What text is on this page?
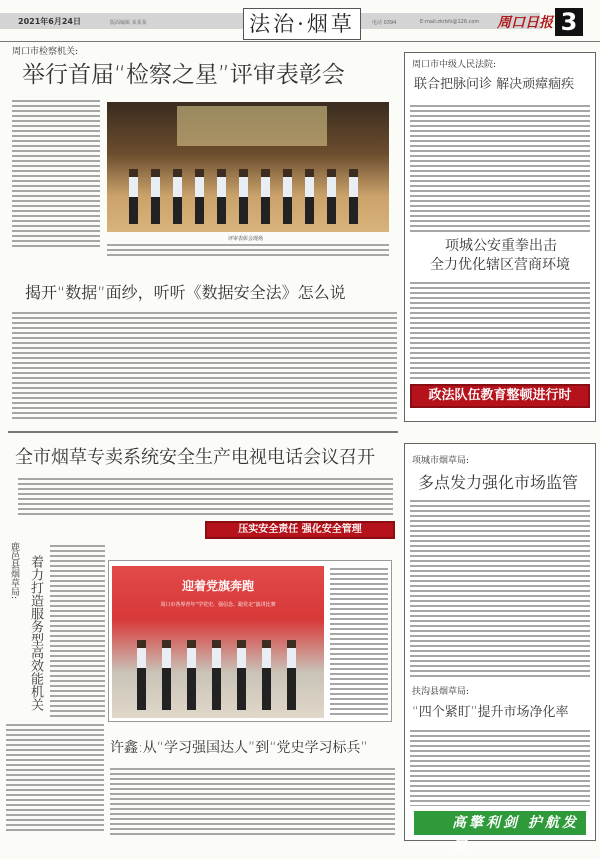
2021年6月24日	版面编辑 某某某	电话 0394	E-mail:zkrbfz@126.com
法治·烟草	周口日报 3
周口市检察机关:
举行首届“检察之星”评审表彰会
评审表彰会现场
揭开“数据”面纱，听听《数据安全法》怎么说
周口市中级人民法院:
联合把脉问诊 解决顽瘴痼疾
项城公安重拳出击
全力优化辖区营商环境
政法队伍教育整顿进行时
全市烟草专卖系统安全生产电视电话会议召开
压实安全责任 强化安全管理
鹿邑县烟草局: 着力打造服务型高效能机关	迎着党旗奔跑
周口市各界青年“学党史、强信念、跟党走”演讲比赛
许鑫:从“学习强国达人”到“党史学习标兵”
项城市烟草局:
多点发力强化市场监管
扶沟县烟草局:
“四个紧盯”提升市场净化率
高擎利剑 护航发展
